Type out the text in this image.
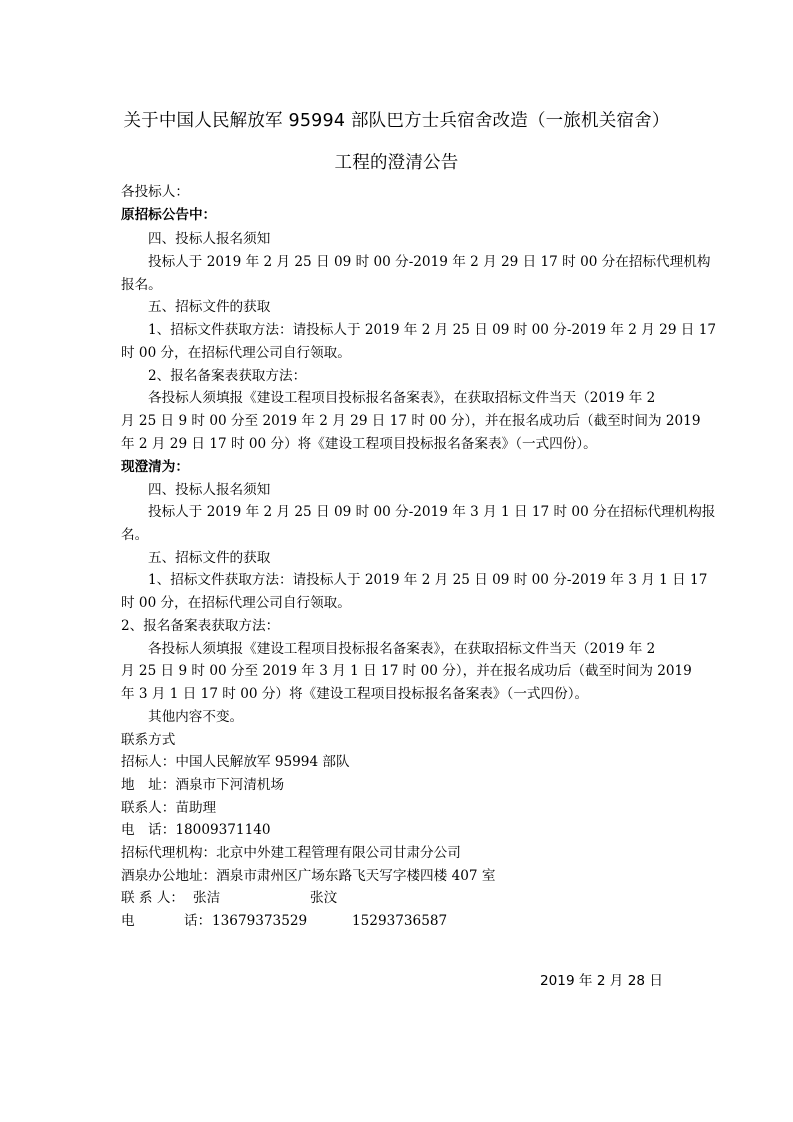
关于中国人民解放军 95994 部队巴方士兵宿舍改造（一旅机关宿舍）
工程的澄清公告
各投标人：
原招标公告中：
四、投标人报名须知
投标人于 2019 年 2 月 25 日 09 时 00 分-2019 年 2 月 29 日 17 时 00 分在招标代理机构
报名。
五、招标文件的获取
1、招标文件获取方法：请投标人于 2019 年 2 月 25 日 09 时 00 分-2019 年 2 月 29 日 17
时 00 分，在招标代理公司自行领取。
2、报名备案表获取方法：
各投标人须填报《建设工程项目投标报名备案表》，在获取招标文件当天（2019 年 2
月 25 日 9 时 00 分至 2019 年 2 月 29 日 17 时 00 分），并在报名成功后（截至时间为 2019
年 2 月 29 日 17 时 00 分）将《建设工程项目投标报名备案表》（一式四份）。
现澄清为：
四、投标人报名须知
投标人于 2019 年 2 月 25 日 09 时 00 分-2019 年 3 月 1 日 17 时 00 分在招标代理机构报
名。
五、招标文件的获取
1、招标文件获取方法：请投标人于 2019 年 2 月 25 日 09 时 00 分-2019 年 3 月 1 日 17
时 00 分，在招标代理公司自行领取。
2、报名备案表获取方法：
各投标人须填报《建设工程项目投标报名备案表》，在获取招标文件当天（2019 年 2
月 25 日 9 时 00 分至 2019 年 3 月 1 日 17 时 00 分），并在报名成功后（截至时间为 2019
年 3 月 1 日 17 时 00 分）将《建设工程项目投标报名备案表》（一式四份）。
其他内容不变。
联系方式
招标人：中国人民解放军 95994 部队
地　址：酒泉市下河清机场
联系人：苗助理
电　话：18009371140
招标代理机构：北京中外建工程管理有限公司甘肃分公司
酒泉办公地址：酒泉市肃州区广场东路飞天写字楼四楼 407 室
联 系 人： 张洁	张汶
电	话： 13679373529	15293736587
2019 年 2 月 28 日
